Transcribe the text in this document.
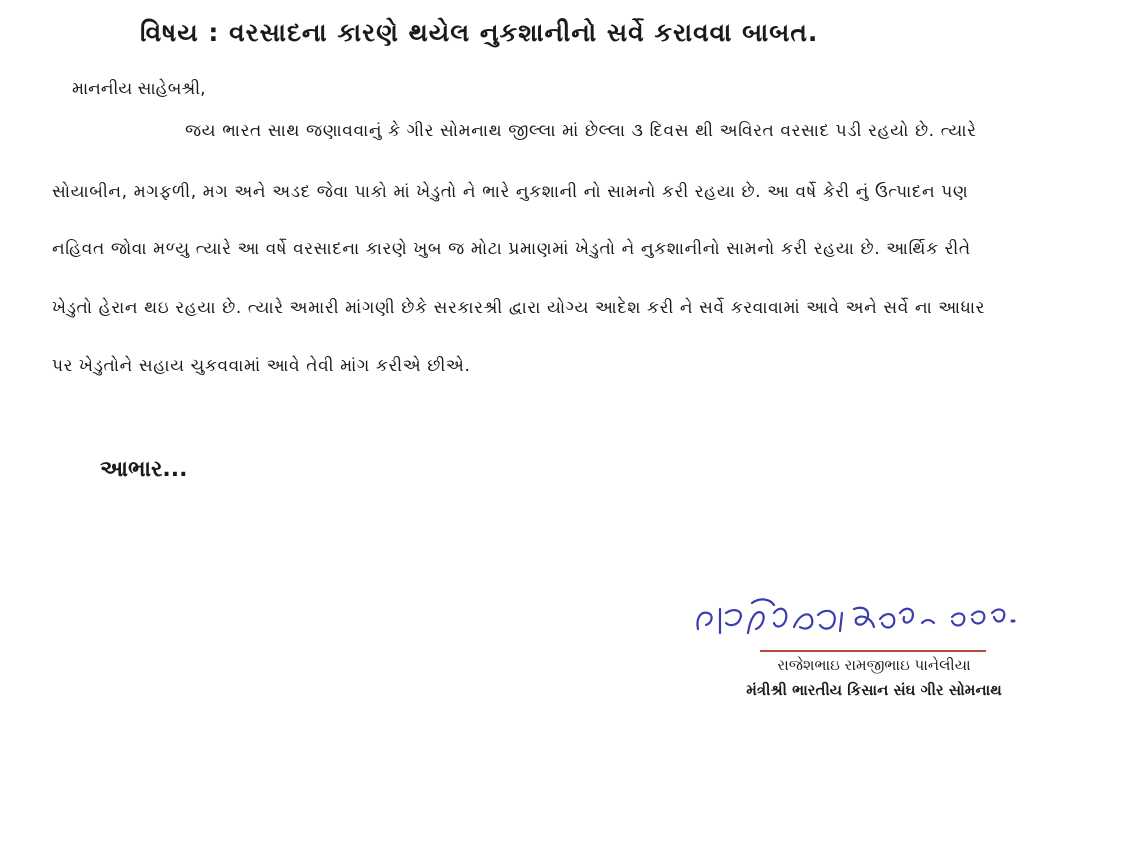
વિષય : વરસાદના કારણે થયેલ નુકશાનીનો સર્વે કરાવવા બાબત.
માનનીય સાહેબશ્રી,
જય ભારત સાથ જણાવવાનું કે ગીર સોમનાથ જીલ્લા માં છેલ્લા ૩ દિવસ થી અવિરત વરસાદ પડી રહયો છે. ત્યારે
સોયાબીન, મગફળી, મગ અને અડદ જેવા પાકો માં ખેડુતો ને ભારે નુકશાની નો સામનો કરી રહયા છે. આ વર્ષે કેરી નું ઉત્પાદન પણ
નહિવત જોવા મળ્યુ ત્યારે આ વર્ષે વરસાદના કારણે ખુબ જ મોટા પ્રમાણમાં ખેડુતો ને નુકશાનીનો સામનો કરી રહયા છે. આર્થિક રીતે
ખેડુતો હેરાન થઇ રહયા છે. ત્યારે અમારી માંગણી છેકે સરકારશ્રી દ્વારા યોગ્ય આદેશ કરી ને સર્વે કરવાવામાં આવે અને સર્વે ના આધાર
પર ખેડુતોને સહાય ચુકવવામાં આવે તેવી માંગ કરીએ છીએ.
આભાર...
રાજેશભાઇ રામજીભાઇ પાનેલીયા
મંત્રીશ્રી ભારતીય કિસાન સંઘ ગીર સોમનાથ
